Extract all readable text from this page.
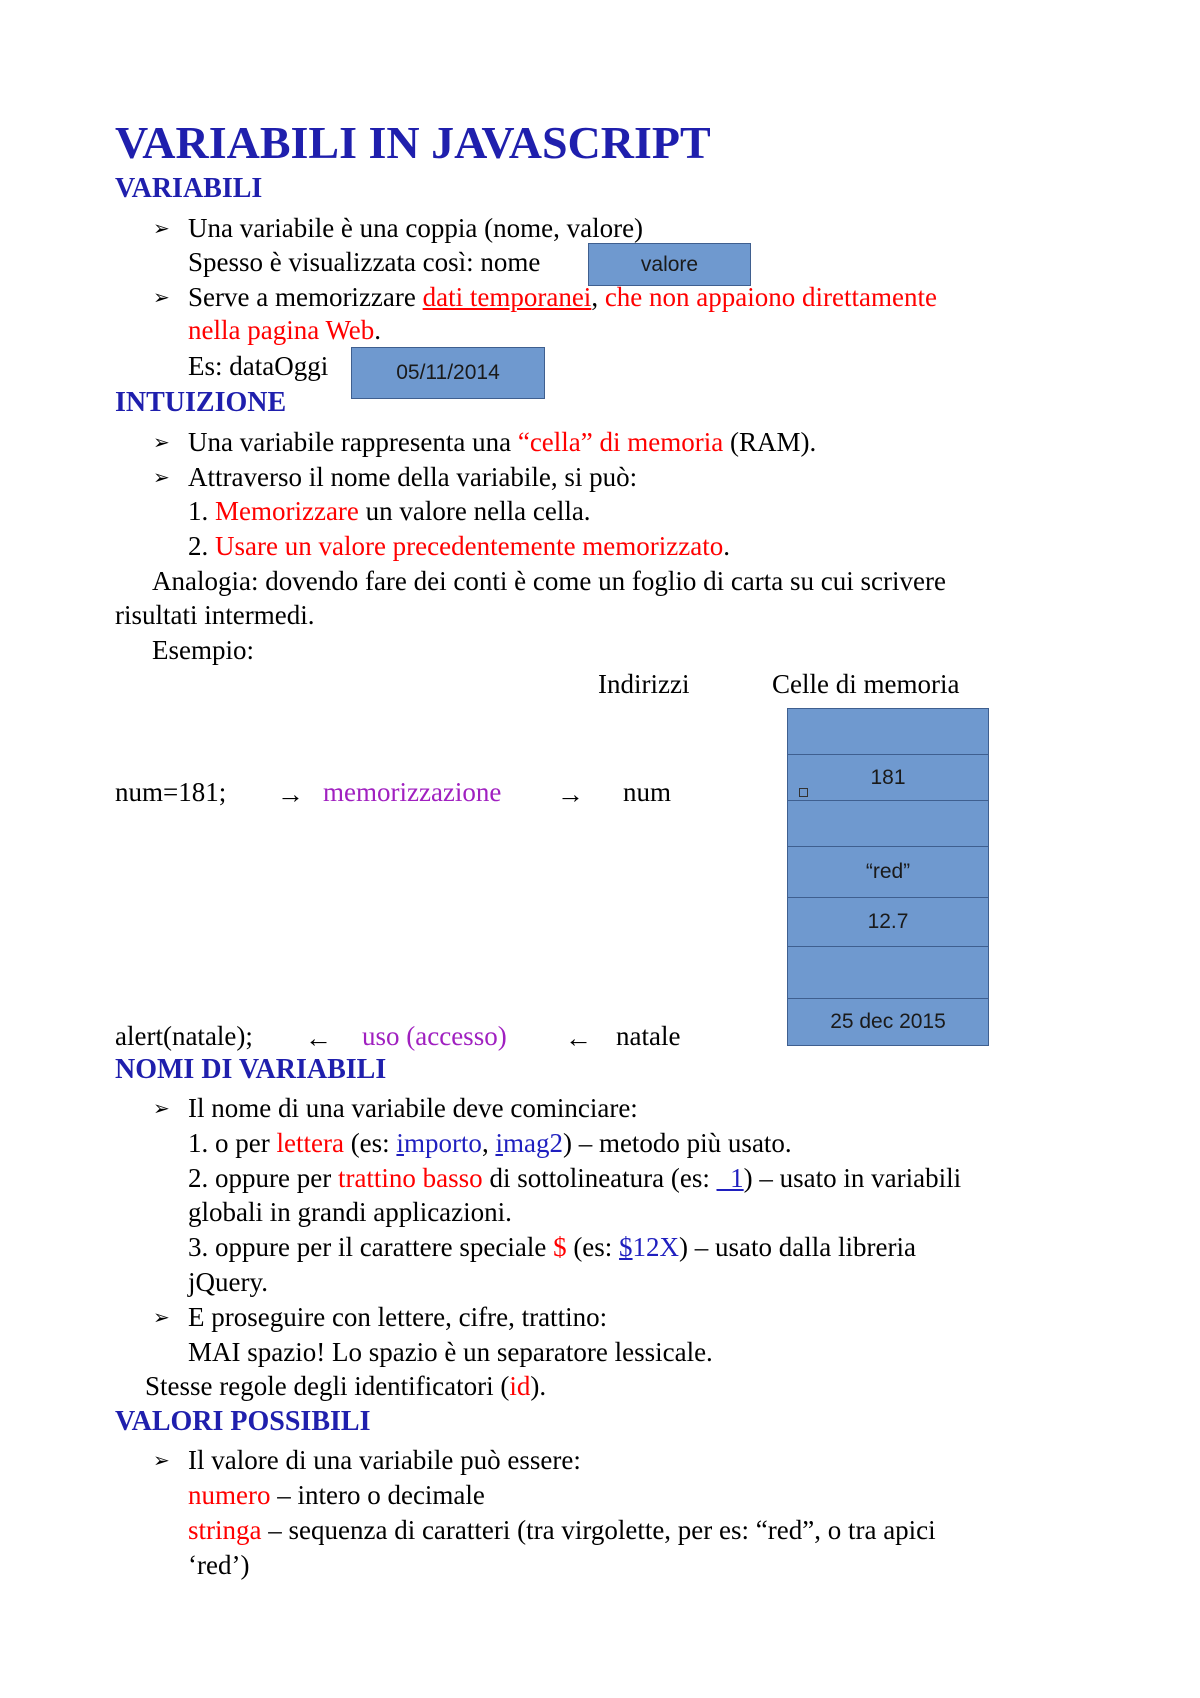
VARIABILI IN JAVASCRIPT
VARIABILI
➢ Una variabile è una coppia (nome, valore)
Spesso è visualizzata così: nome	valore
➢ Serve a memorizzare dati temporanei, che non appaiono direttamente
nella pagina Web.
Es: dataOggi	05/11/2014
INTUIZIONE
➢ Una variabile rappresenta una “cella” di memoria (RAM).
➢ Attraverso il nome della variabile, si può:
1. Memorizzare un valore nella cella.
2. Usare un valore precedentemente memorizzato.
Analogia: dovendo fare dei conti è come un foglio di carta su cui scrivere
risultati intermedi.
Esempio:
Indirizzi	Celle di memoria
num=181; → memorizzazione → num
alert(natale); ← uso (accesso) ← natale
181
“red”
12.7
25 dec 2015
NOMI DI VARIABILI
➢ Il nome di una variabile deve cominciare:
1. o per lettera (es: importo, imag2) – metodo più usato.
2. oppure per trattino basso di sottolineatura (es: _1) – usato in variabili
globali in grandi applicazioni.
3. oppure per il carattere speciale $ (es: $12X) – usato dalla libreria
jQuery.
➢ E proseguire con lettere, cifre, trattino:
MAI spazio! Lo spazio è un separatore lessicale.
Stesse regole degli identificatori (id).
VALORI POSSIBILI
➢ Il valore di una variabile può essere:
numero – intero o decimale
stringa – sequenza di caratteri (tra virgolette, per es: “red”, o tra apici
‘red’)
